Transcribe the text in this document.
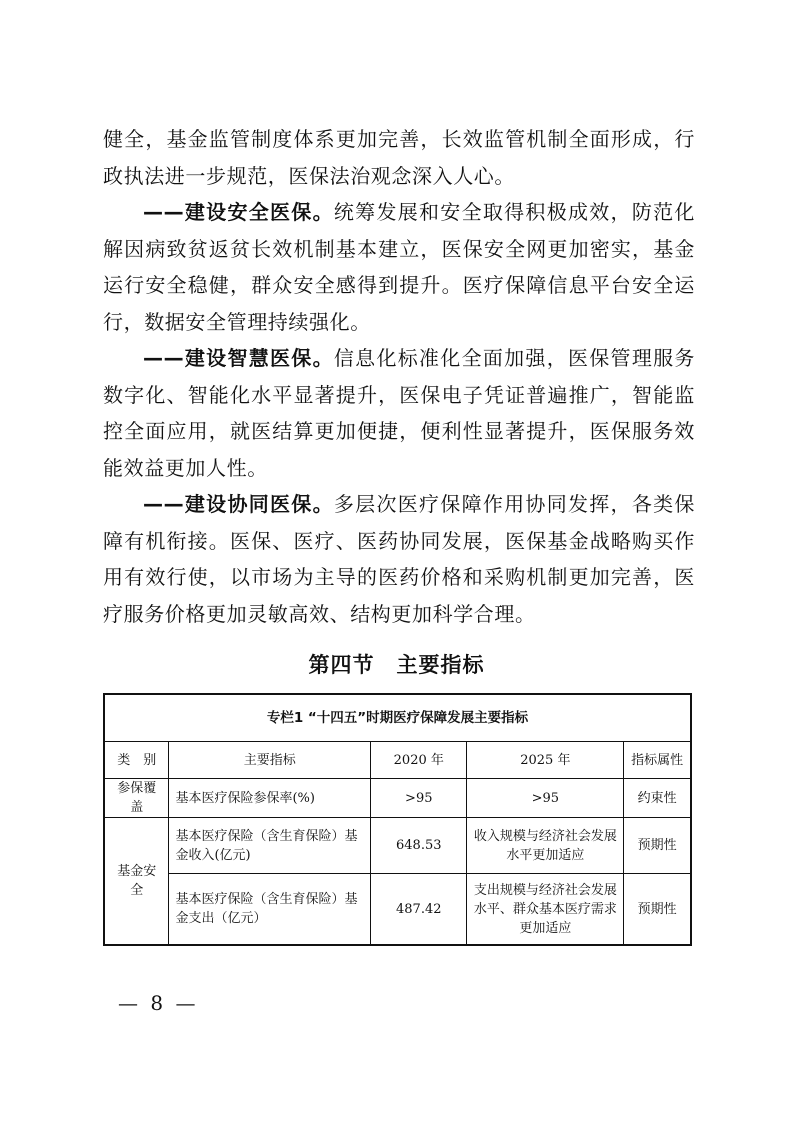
健全，基金监管制度体系更加完善，长效监管机制全面形成，行政执法进一步规范，医保法治观念深入人心。

——建设安全医保。统筹发展和安全取得积极成效，防范化解因病致贫返贫长效机制基本建立，医保安全网更加密实，基金运行安全稳健，群众安全感得到提升。医疗保障信息平台安全运行，数据安全管理持续强化。

——建设智慧医保。信息化标准化全面加强，医保管理服务数字化、智能化水平显著提升，医保电子凭证普遍推广，智能监控全面应用，就医结算更加便捷，便利性显著提升，医保服务效能效益更加人性。

——建设协同医保。多层次医疗保障作用协同发挥，各类保障有机衔接。医保、医疗、医药协同发展，医保基金战略购买作用有效行使，以市场为主导的医药价格和采购机制更加完善，医疗服务价格更加灵敏高效、结构更加科学合理。

第四节 主要指标
专栏1 “十四五”时期医疗保障发展主要指标				
类　别	主要指标	2020 年	2025 年	指标属性
参保覆盖	基本医疗保险参保率(%)	>95	>95	约束性
基金安全	基本医疗保险（含生育保险）基金收入(亿元)	648.53	收入规模与经济社会发展水平更加适应	预期性
	基本医疗保险（含生育保险）基金支出（亿元）	487.42	支出规模与经济社会发展水平、群众基本医疗需求更加适应	预期性

— 8 —
